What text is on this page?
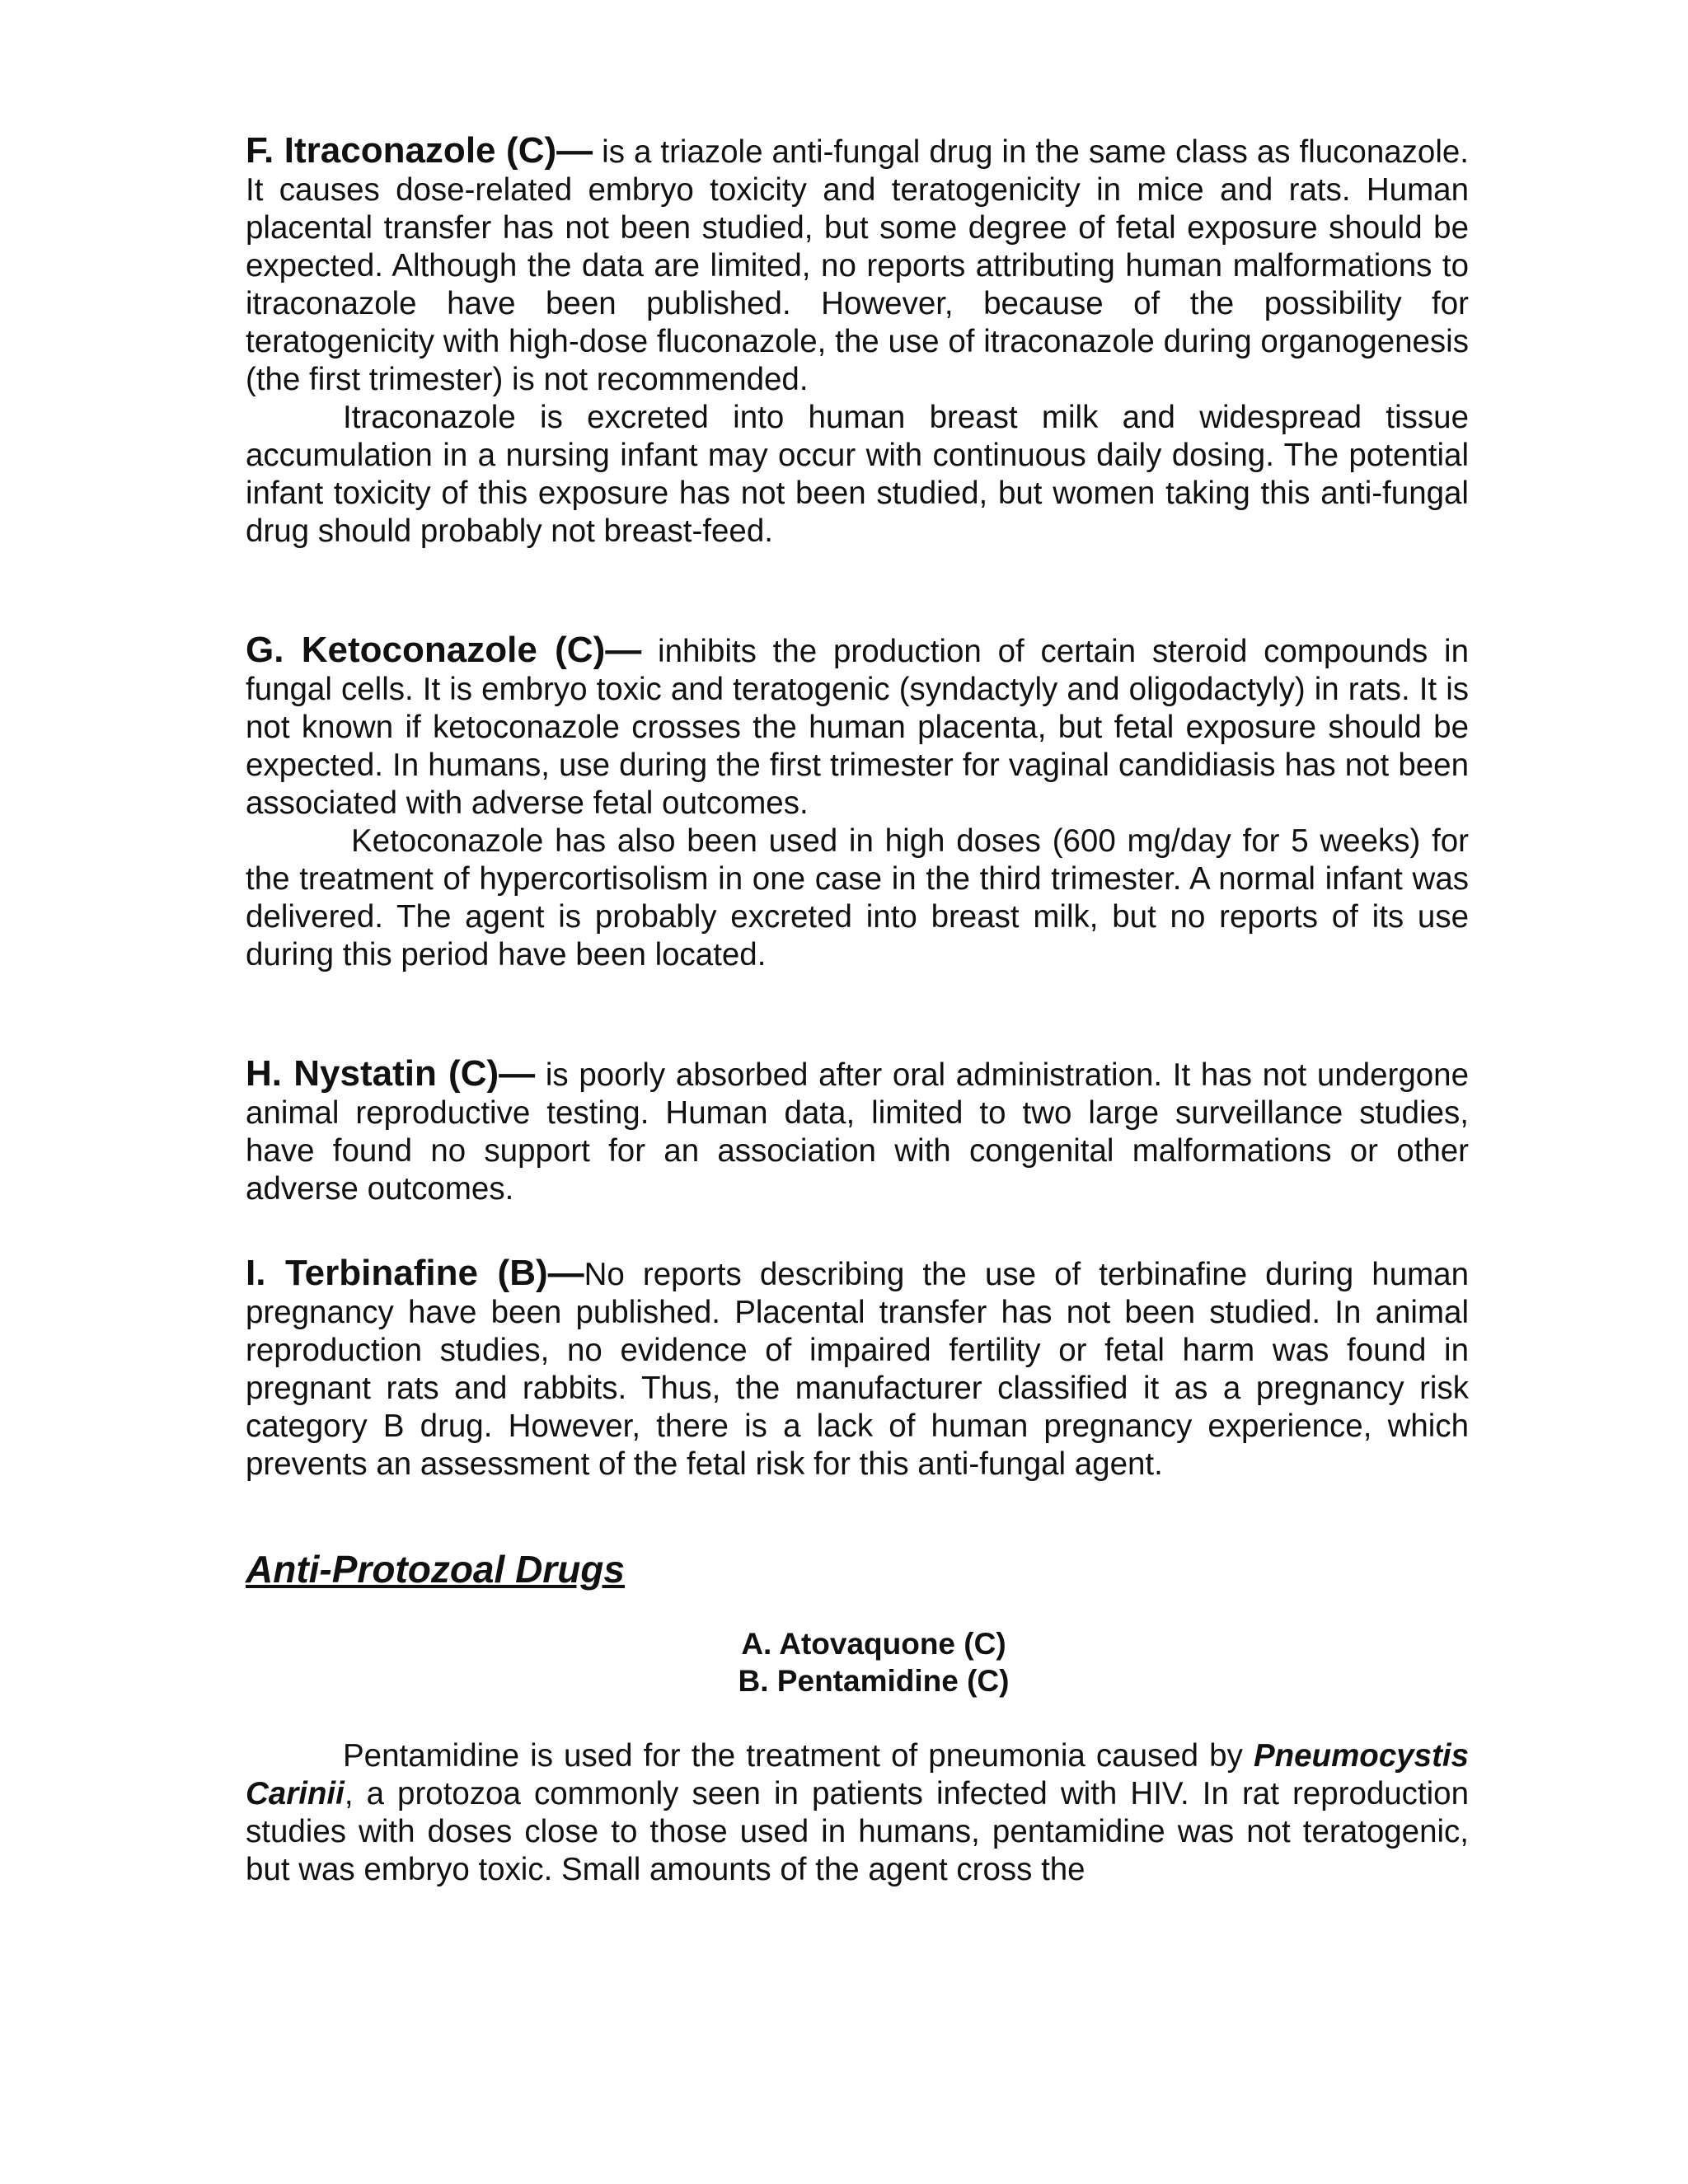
F. Itraconazole (C)— is a triazole anti-fungal drug in the same class as fluconazole. It causes dose-related embryo toxicity and teratogenicity in mice and rats. Human placental transfer has not been studied, but some degree of fetal exposure should be expected. Although the data are limited, no reports attributing human malformations to itraconazole have been published. However, because of the possibility for teratogenicity with high-dose fluconazole, the use of itraconazole during organogenesis (the first trimester) is not recommended.

Itraconazole is excreted into human breast milk and widespread tissue accumulation in a nursing infant may occur with continuous daily dosing. The potential infant toxicity of this exposure has not been studied, but women taking this anti-fungal drug should probably not breast-feed.

G. Ketoconazole (C)— inhibits the production of certain steroid compounds in fungal cells. It is embryo toxic and teratogenic (syndactyly and oligodactyly) in rats. It is not known if ketoconazole crosses the human placenta, but fetal exposure should be expected. In humans, use during the first trimester for vaginal candidiasis has not been associated with adverse fetal outcomes.

Ketoconazole has also been used in high doses (600 mg/day for 5 weeks) for the treatment of hypercortisolism in one case in the third trimester. A normal infant was delivered. The agent is probably excreted into breast milk, but no reports of its use during this period have been located.

H. Nystatin (C)— is poorly absorbed after oral administration. It has not undergone animal reproductive testing. Human data, limited to two large surveillance studies, have found no support for an association with congenital malformations or other adverse outcomes.

I. Terbinafine (B)—No reports describing the use of terbinafine during human pregnancy have been published. Placental transfer has not been studied. In animal reproduction studies, no evidence of impaired fertility or fetal harm was found in pregnant rats and rabbits. Thus, the manufacturer classified it as a pregnancy risk category B drug. However, there is a lack of human pregnancy experience, which prevents an assessment of the fetal risk for this anti-fungal agent.

Anti-Protozoal Drugs
A. Atovaquone (C)
B. Pentamidine (C)

Pentamidine is used for the treatment of pneumonia caused by Pneumocystis Carinii, a protozoa commonly seen in patients infected with HIV. In rat reproduction studies with doses close to those used in humans, pentamidine was not teratogenic, but was embryo toxic. Small amounts of the agent cross the
